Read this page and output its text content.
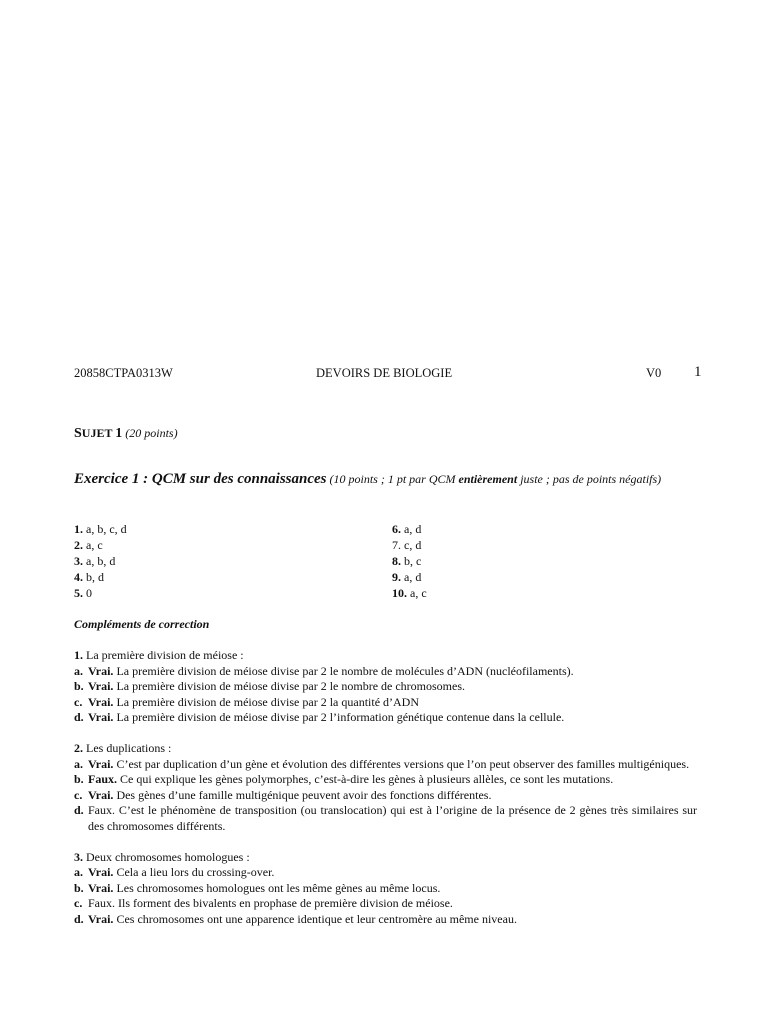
20858CTPA0313W	DEVOIRS DE BIOLOGIE	V0 1
SUJET 1 (20 points)
Exercice 1 : QCM sur des connaissances (10 points ; 1 pt par QCM entièrement juste ; pas de points négatifs)
1. a, b, c, d
2. a, c
3. a, b, d
4. b, d
5. 0
6. a, d
7. c, d
8. b, c
9. a, d
10. a, c
Compléments de correction
1. La première division de méiose :
a. Vrai. La première division de méiose divise par 2 le nombre de molécules d’ADN (nucléofilaments).
b. Vrai. La première division de méiose divise par 2 le nombre de chromosomes.
c. Vrai. La première division de méiose divise par 2 la quantité d’ADN
d. Vrai. La première division de méiose divise par 2 l’information génétique contenue dans la cellule.
2. Les duplications :
a. Vrai. C’est par duplication d’un gène et évolution des différentes versions que l’on peut observer des familles multigéniques.
b. Faux. Ce qui explique les gènes polymorphes, c’est-à-dire les gènes à plusieurs allèles, ce sont les mutations.
c. Vrai. Des gènes d’une famille multigénique peuvent avoir des fonctions différentes.
d. Faux. C’est le phénomène de transposition (ou translocation) qui est à l’origine de la présence de 2 gènes très similaires sur des chromosomes différents.
3. Deux chromosomes homologues :
a. Vrai. Cela a lieu lors du crossing-over.
b. Vrai. Les chromosomes homologues ont les même gènes au même locus.
c. Faux. Ils forment des bivalents en prophase de première division de méiose.
d. Vrai. Ces chromosomes ont une apparence identique et leur centromère au même niveau.
